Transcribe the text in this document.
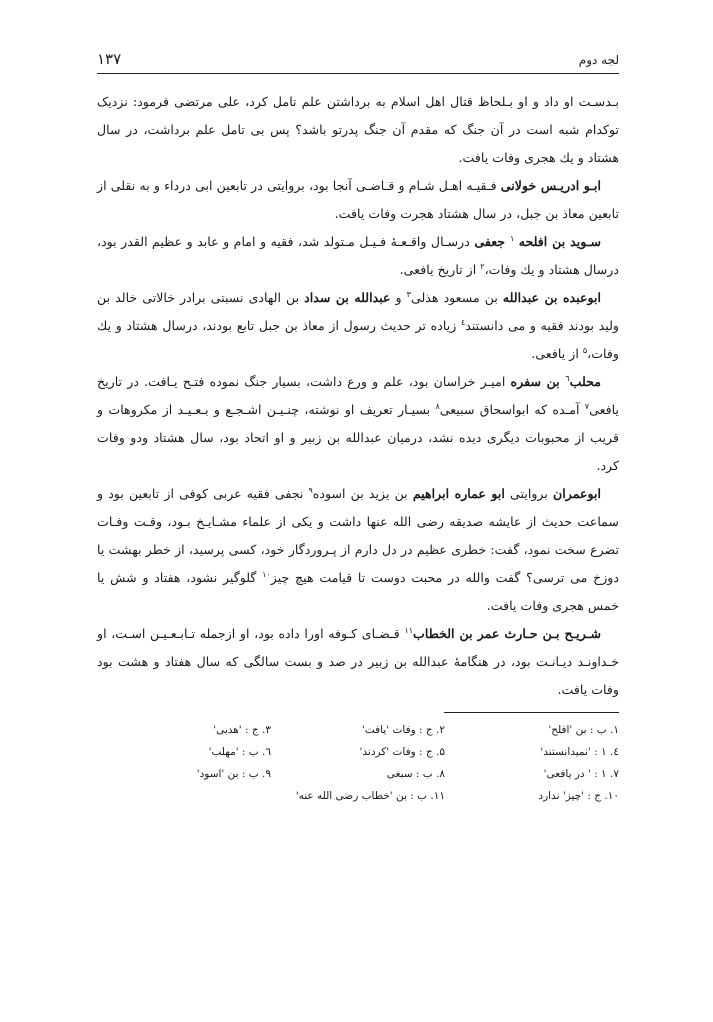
لجه دوم
۱۳۷

بـدسـت او داد و او بـلحاظ قتال اهل اسلام به برداشتن علم تامل کرد، علی مرتضی فرمود: نزدیک توکدام شبه است در آن جنگ که مقدم آن جنگ پدرتو باشد؟ پس بی تامل علم برداشت، در سال هشتاد و یك هجری وفات یافت.

ابـو ادریـس خولانی فـقیـه اهـل شـام و قـاضـی آنجا بود، بروایتی در تابعین ابی درداء و به نقلی از تابعین معاذ بن جبل، در سال هشتاد هجرت وفات یافت.

سـوید بن افلحه $^۱$ جعفی درسـال واقـعـهٔ فـیـل مـتولد شد، فقیه و امام و عابد و عظیم القدر بود، درسال هشتاد و یك وفات،$^۲$ از تاریخ یافعی.

ابوعبده بن عبدالله بن مسعود هذلی$^۳$ و عبدالله بن سداد بن الهادی نسبتی برادر خالاتی خالد بن ولید بودند فقیه و می دانستند$^٤$ زیاده تر حدیث رسول از معاذ بن جبل تابع بودند، درسال هشتاد و یك وفات،$^۵$ از یافعی.

محلب$^٦$ بن سفره امیـر خراسان بود، علم و ورع داشت، بسیار جنگ نموده فتـح یـافت. در تاریخ یافعی$^۷$ آمـده که ابواسحاق سبیعی$^۸$ بسیـار تعریف او نوشته، چنـیـن اشـجـع و بـعـیـد از مکروهات و قریب از محبوبات دیگری دیده نشد، درمیان عبدالله بن زبیر و او اتحاد بود، سال هشتاد ودو وفات کرد.

ابوعمران بروایتی ابو عماره ابراهیم بن یزید بن اسوده$^۹$ نجفی فقیه عربی کوفی از تابعین بود و سماعت حدیث از عایشه صدیقه رضی الله عنها داشت و یکی از علماء مشـایـخ بـود، وقـت وفـات تضرع سخت نمود، گفت: خطری عظیم در دل دارم از پـروردگار خود، کسی پرسید، از خطر بهشت یا دوزخ می ترسی؟ گفت والله در محبت دوست تا قیامت هیچ چیز$^{۱۰}$ گلوگیر نشود، هفتاد و شش یا خمس هجری وفات یافت.

شـریـح بـن حـارث عمر بن الخطاب$^{۱۱}$ قـضـای کـوفه اورا داده بود، او ازجمله تـابـعـیـن اسـت، او خـداونـد دیـانـت بود، در هنگامهٔ عبدالله بن زبیر در صد و بست سالگی که سال هفتاد و هشت بود وفات یافت.

۱. ب : بن 'افلح'
۲. ج : وفات 'یافت'
۳. ج : 'هدبی'
٤. ۱ : 'نمیدانستند'
۵. ج : وفات 'کردند'
٦. ب : 'مهلب'
۷. ۱ : ' در یافعی'
۸. ب : سبغی
۹. ب : بن 'اسود'
۱۰. ج : 'چیز' ندارد
۱۱. ب : بن 'خطاب رضی الله عنه'
